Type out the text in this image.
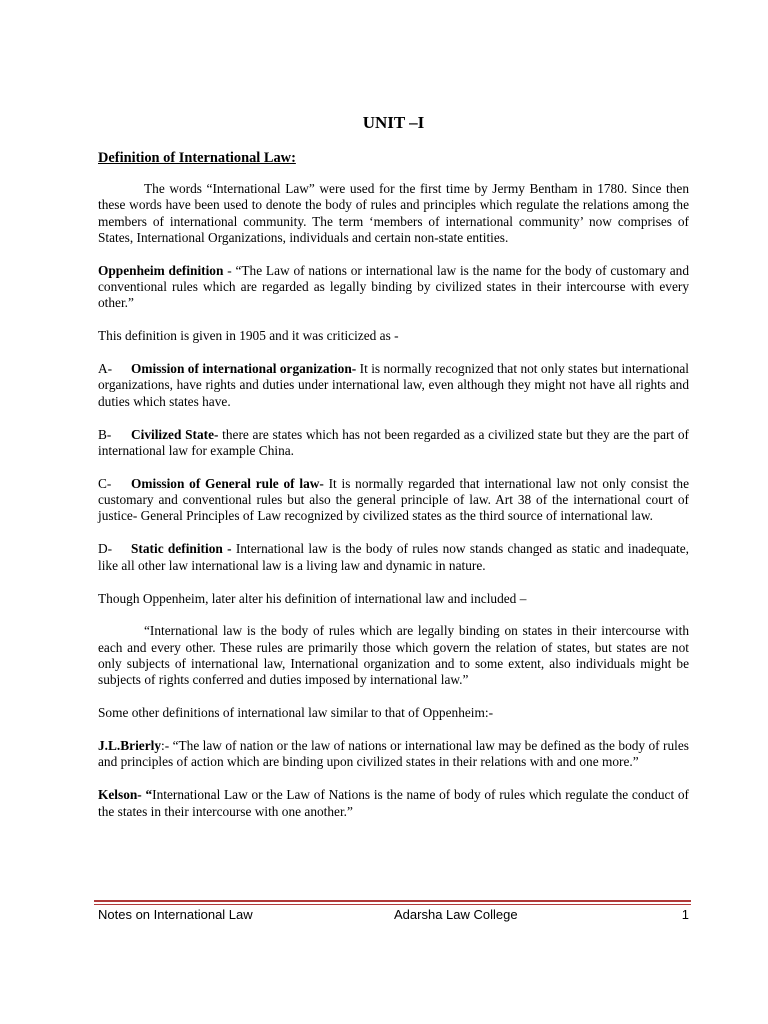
UNIT –I
Definition of International Law:

The words “International Law” were used for the first time by Jermy Bentham in 1780. Since then these words have been used to denote the body of rules and principles which regulate the relations among the members of international community. The term ‘members of international community’ now comprises of States, International Organizations, individuals and certain non-state entities.

Oppenheim definition - “The Law of nations or international law is the name for the body of customary and conventional rules which are regarded as legally binding by civilized states in their intercourse with every other.”

This definition is given in 1905 and it was criticized as -

A- Omission of international organization- It is normally recognized that not only states but international organizations, have rights and duties under international law, even although they might not have all rights and duties which states have.

B- Civilized State- there are states which has not been regarded as a civilized state but they are the part of international law for example China.

C- Omission of General rule of law- It is normally regarded that international law not only consist the customary and conventional rules but also the general principle of law. Art 38 of the international court of justice- General Principles of Law recognized by civilized states as the third source of international law.

D- Static definition - International law is the body of rules now stands changed as static and inadequate, like all other law international law is a living law and dynamic in nature.

Though Oppenheim, later alter his definition of international law and included –

“International law is the body of rules which are legally binding on states in their intercourse with each and every other. These rules are primarily those which govern the relation of states, but states are not only subjects of international law, International organization and to some extent, also individuals might be subjects of rights conferred and duties imposed by international law.”

Some other definitions of international law similar to that of Oppenheim:-

J.L.Brierly:- “The law of nation or the law of nations or international law may be defined as the body of rules and principles of action which are binding upon civilized states in their relations with and one more.”

Kelson- “International Law or the Law of Nations is the name of body of rules which regulate the conduct of the states in their intercourse with one another.”

Notes on International Law	Adarsha Law College	1
